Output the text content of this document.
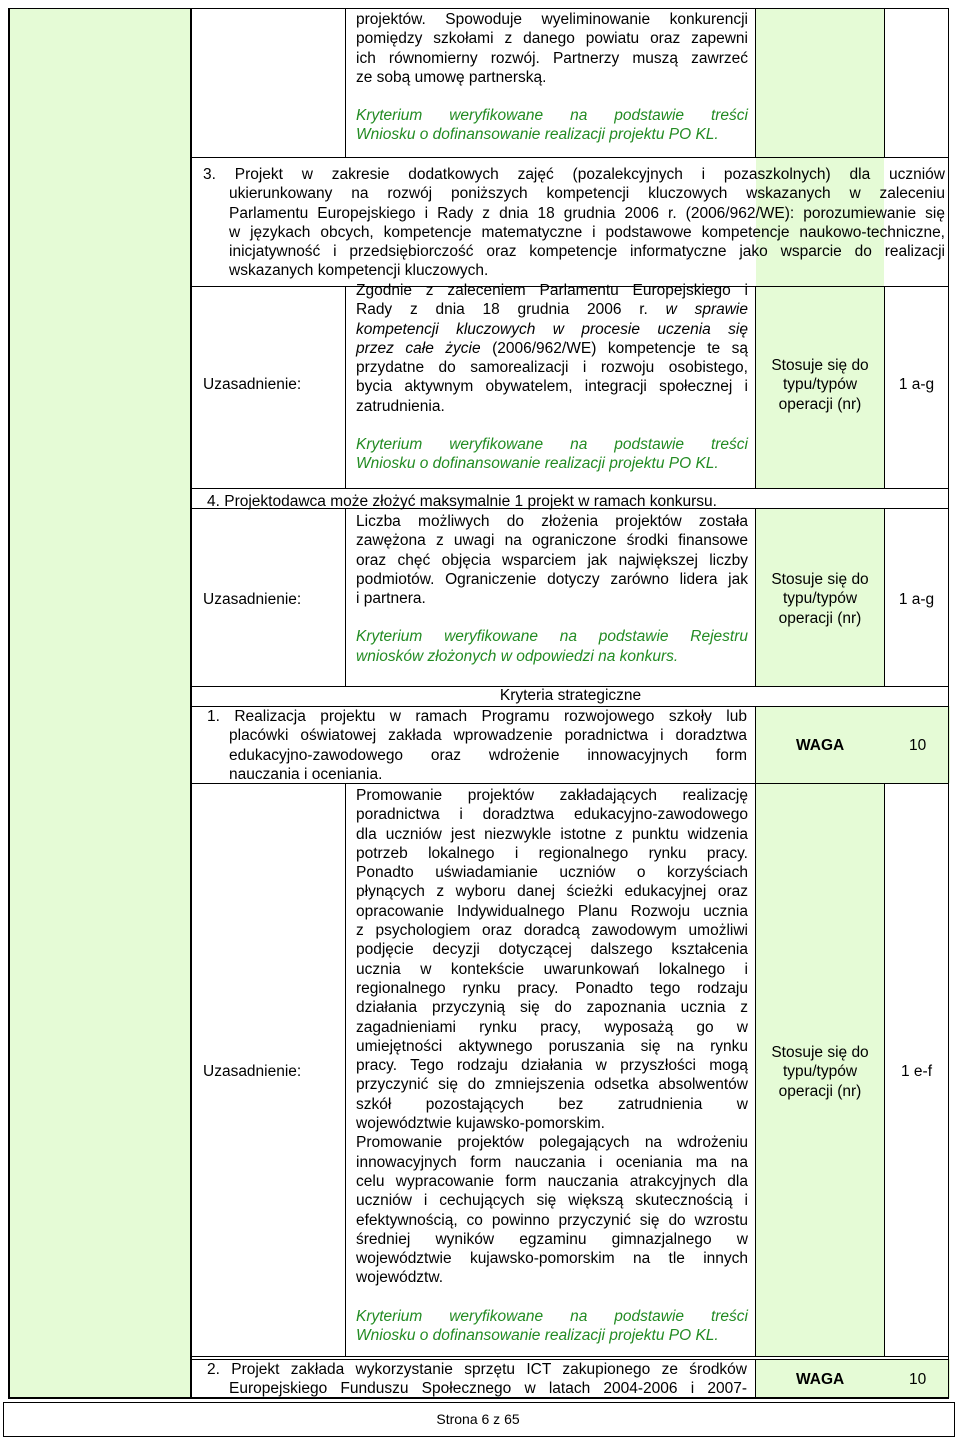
projektów. Spowoduje wyeliminowanie konkurencji
pomiędzy szkołami z danego powiatu oraz zapewni
ich równomierny rozwój. Partnerzy muszą zawrzeć
ze sobą umowę partnerską.
Kryterium weryfikowane na podstawie treści
Wniosku o dofinansowanie realizacji projektu PO KL.
3. Projekt w zakresie dodatkowych zajęć (pozalekcyjnych i pozaszkolnych) dla uczniów
ukierunkowany na rozwój poniższych kompetencji kluczowych wskazanych w zaleceniu
Parlamentu Europejskiego i Rady z dnia 18 grudnia 2006 r. (2006/962/WE): porozumiewanie się
w językach obcych, kompetencje matematyczne i podstawowe kompetencje naukowo-techniczne,
inicjatywność i przedsiębiorczość oraz kompetencje informatyczne jako wsparcie do realizacji
wskazanych kompetencji kluczowych.
Uzasadnienie:
Zgodnie z zaleceniem Parlamentu Europejskiego i
Rady z dnia 18 grudnia 2006 r. w sprawie
kompetencji kluczowych w procesie uczenia się
przez całe życie (2006/962/WE) kompetencje te są
przydatne do samorealizacji i rozwoju osobistego,
bycia aktywnym obywatelem, integracji społecznej i
zatrudnienia.
Kryterium weryfikowane na podstawie treści
Wniosku o dofinansowanie realizacji projektu PO KL.
Stosuje się do
typu/typów
operacji (nr)
1 a-g
4. Projektodawca może złożyć maksymalnie 1 projekt w ramach konkursu.
Uzasadnienie:
Liczba możliwych do złożenia projektów została
zawężona z uwagi na ograniczone środki finansowe
oraz chęć objęcia wsparciem jak największej liczby
podmiotów. Ograniczenie dotyczy zarówno lidera jak
i partnera.
Kryterium weryfikowane na podstawie Rejestru
wniosków złożonych w odpowiedzi na konkurs.
Stosuje się do
typu/typów
operacji (nr)
1 a-g
Kryteria strategiczne
1. Realizacja projektu w ramach Programu rozwojowego szkoły lub
placówki oświatowej zakłada wprowadzenie poradnictwa i doradztwa
edukacyjno-zawodowego oraz wdrożenie innowacyjnych form
nauczania i oceniania.
WAGA	10
Uzasadnienie:
Promowanie projektów zakładających realizację
poradnictwa i doradztwa edukacyjno-zawodowego
dla uczniów jest niezwykle istotne z punktu widzenia
potrzeb lokalnego i regionalnego rynku pracy.
Ponadto uświadamianie uczniów o korzyściach
płynących z wyboru danej ścieżki edukacyjnej oraz
opracowanie Indywidualnego Planu Rozwoju ucznia
z psychologiem oraz doradcą zawodowym umożliwi
podjęcie decyzji dotyczącej dalszego kształcenia
ucznia w kontekście uwarunkowań lokalnego i
regionalnego rynku pracy. Ponadto tego rodzaju
działania przyczynią się do zapoznania ucznia z
zagadnieniami rynku pracy, wyposażą go w
umiejętności aktywnego poruszania się na rynku
pracy. Tego rodzaju działania w przyszłości mogą
przyczynić się do zmniejszenia odsetka absolwentów
szkół pozostających bez zatrudnienia w
województwie kujawsko-pomorskim.
Promowanie projektów polegających na wdrożeniu
innowacyjnych form nauczania i oceniania ma na
celu wypracowanie form nauczania atrakcyjnych dla
uczniów i cechujących się większą skutecznością i
efektywnością, co powinno przyczynić się do wzrostu
średniej wyników egzaminu gimnazjalnego w
województwie kujawsko-pomorskim na tle innych
województw.
Kryterium weryfikowane na podstawie treści
Wniosku o dofinansowanie realizacji projektu PO KL.
Stosuje się do
typu/typów
operacji (nr)
1 e-f
2. Projekt zakłada wykorzystanie sprzętu ICT zakupionego ze środków
Europejskiego Funduszu Społecznego w latach 2004-2006 i 2007-
WAGA	10
Strona 6 z 65
